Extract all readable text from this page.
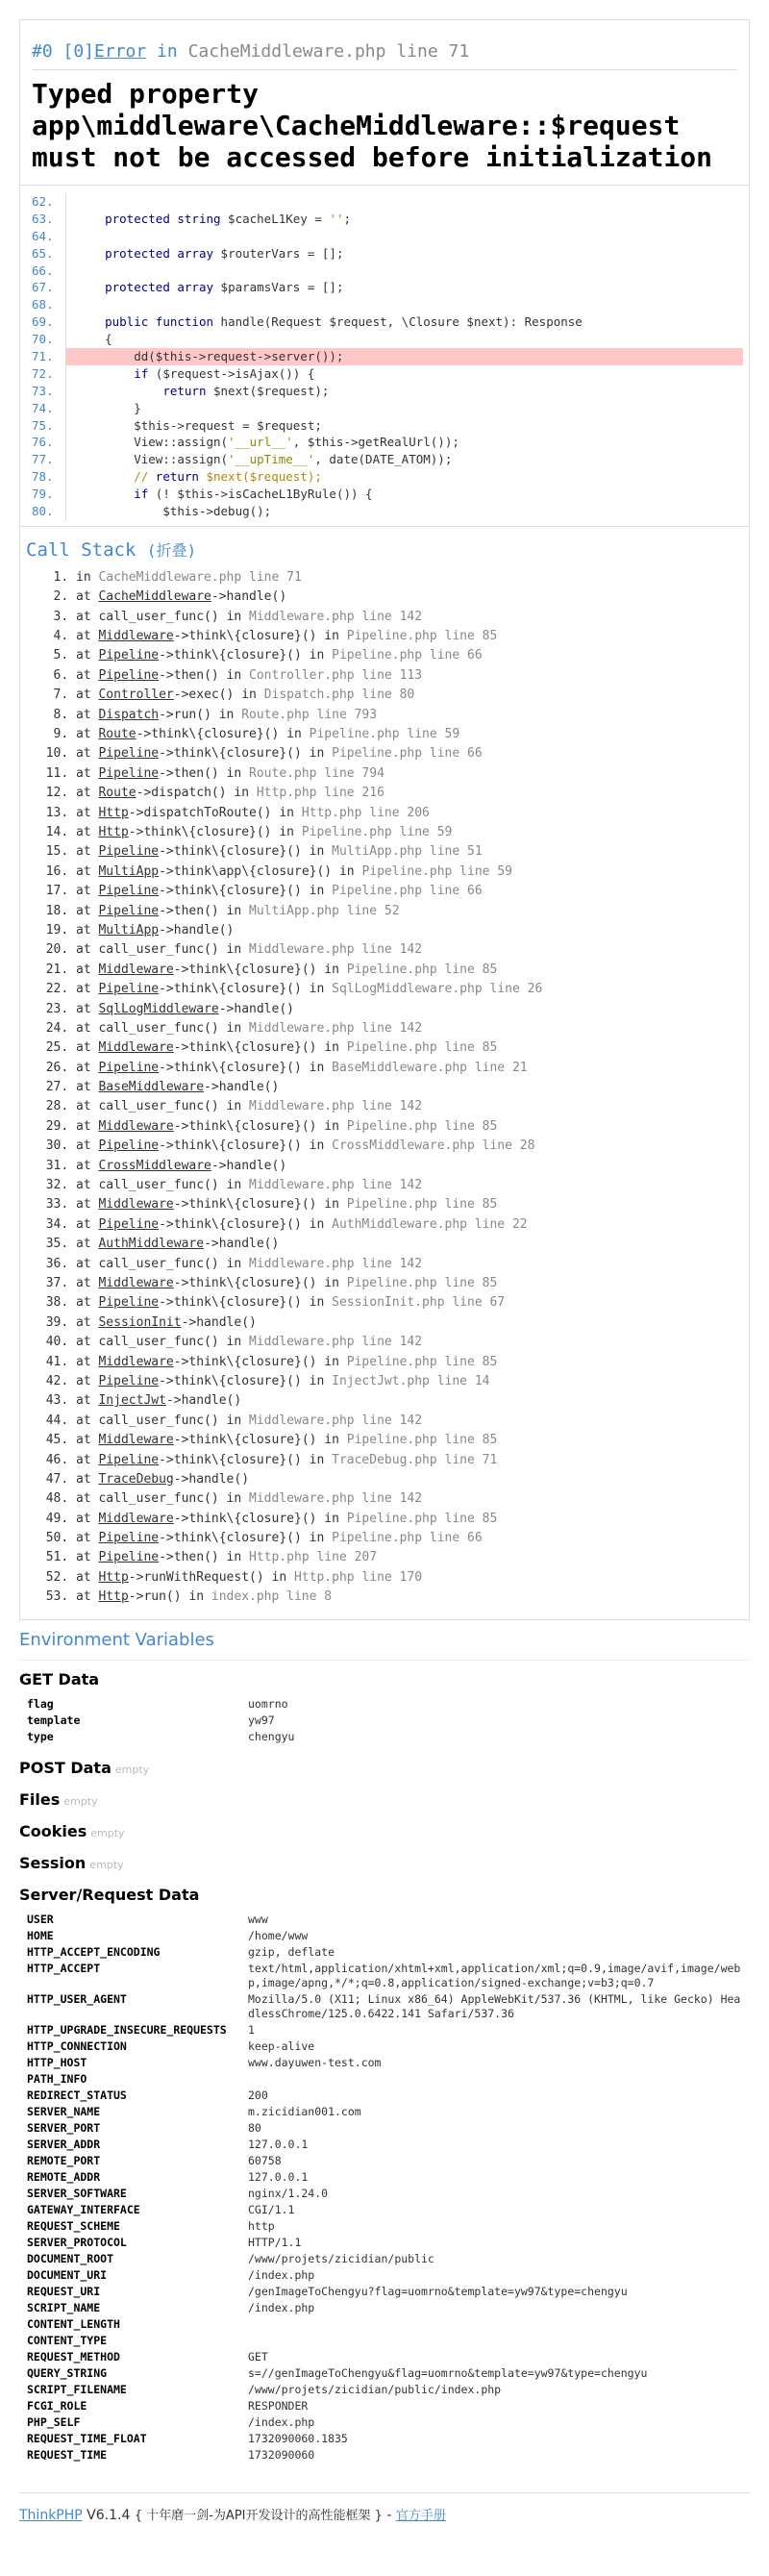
#0 [0]Error in CacheMiddleware.php line 71
Typed property app\middleware\CacheMiddleware::$request must not be accessed before initialization
62.
63.	protected string $cacheL1Key = '';
64.
65.	protected array $routerVars = [];
66.
67.	protected array $paramsVars = [];
68.
69.	public function handle(Request $request, \Closure $next): Response
70.	{
71.	dd($this->request->server());
72.	if ($request->isAjax()) {
73.	return $next($request);
74.	}
75.	$this->request = $request;
76.	View::assign('__url__', $this->getRealUrl());
77.	View::assign('__upTime__', date(DATE_ATOM));
78.	// return $next($request);
79.	if (! $this->isCacheL1ByRule()) {
80.	$this->debug();
Call Stack (折叠)
1. in CacheMiddleware.php line 71
2. at CacheMiddleware->handle()
3. at call_user_func() in Middleware.php line 142
4. at Middleware->think\{closure}() in Pipeline.php line 85
5. at Pipeline->think\{closure}() in Pipeline.php line 66
6. at Pipeline->then() in Controller.php line 113
7. at Controller->exec() in Dispatch.php line 80
8. at Dispatch->run() in Route.php line 793
9. at Route->think\{closure}() in Pipeline.php line 59
10. at Pipeline->think\{closure}() in Pipeline.php line 66
11. at Pipeline->then() in Route.php line 794
12. at Route->dispatch() in Http.php line 216
13. at Http->dispatchToRoute() in Http.php line 206
14. at Http->think\{closure}() in Pipeline.php line 59
15. at Pipeline->think\{closure}() in MultiApp.php line 51
16. at MultiApp->think\app\{closure}() in Pipeline.php line 59
17. at Pipeline->think\{closure}() in Pipeline.php line 66
18. at Pipeline->then() in MultiApp.php line 52
19. at MultiApp->handle()
20. at call_user_func() in Middleware.php line 142
21. at Middleware->think\{closure}() in Pipeline.php line 85
22. at Pipeline->think\{closure}() in SqlLogMiddleware.php line 26
23. at SqlLogMiddleware->handle()
24. at call_user_func() in Middleware.php line 142
25. at Middleware->think\{closure}() in Pipeline.php line 85
26. at Pipeline->think\{closure}() in BaseMiddleware.php line 21
27. at BaseMiddleware->handle()
28. at call_user_func() in Middleware.php line 142
29. at Middleware->think\{closure}() in Pipeline.php line 85
30. at Pipeline->think\{closure}() in CrossMiddleware.php line 28
31. at CrossMiddleware->handle()
32. at call_user_func() in Middleware.php line 142
33. at Middleware->think\{closure}() in Pipeline.php line 85
34. at Pipeline->think\{closure}() in AuthMiddleware.php line 22
35. at AuthMiddleware->handle()
36. at call_user_func() in Middleware.php line 142
37. at Middleware->think\{closure}() in Pipeline.php line 85
38. at Pipeline->think\{closure}() in SessionInit.php line 67
39. at SessionInit->handle()
40. at call_user_func() in Middleware.php line 142
41. at Middleware->think\{closure}() in Pipeline.php line 85
42. at Pipeline->think\{closure}() in InjectJwt.php line 14
43. at InjectJwt->handle()
44. at call_user_func() in Middleware.php line 142
45. at Middleware->think\{closure}() in Pipeline.php line 85
46. at Pipeline->think\{closure}() in TraceDebug.php line 71
47. at TraceDebug->handle()
48. at call_user_func() in Middleware.php line 142
49. at Middleware->think\{closure}() in Pipeline.php line 85
50. at Pipeline->think\{closure}() in Pipeline.php line 66
51. at Pipeline->then() in Http.php line 207
52. at Http->runWithRequest() in Http.php line 170
53. at Http->run() in index.php line 8
Environment Variables
GET Data
flag	uomrno
template	yw97
type	chengyu
POST Data empty
Files empty
Cookies empty
Session empty
Server/Request Data
USER	www
HOME	/home/www
HTTP_ACCEPT_ENCODING	gzip, deflate
HTTP_ACCEPT	text/html,application/xhtml+xml,application/xml;q=0.9,image/avif,image/webp,image/apng,*/*;q=0.8,application/signed-exchange;v=b3;q=0.7
HTTP_USER_AGENT	Mozilla/5.0 (X11; Linux x86_64) AppleWebKit/537.36 (KHTML, like Gecko) HeadlessChrome/125.0.6422.141 Safari/537.36
HTTP_UPGRADE_INSECURE_REQUESTS	1
HTTP_CONNECTION	keep-alive
HTTP_HOST	www.dayuwen-test.com
PATH_INFO	
REDIRECT_STATUS	200
SERVER_NAME	m.zicidian001.com
SERVER_PORT	80
SERVER_ADDR	127.0.0.1
REMOTE_PORT	60758
REMOTE_ADDR	127.0.0.1
SERVER_SOFTWARE	nginx/1.24.0
GATEWAY_INTERFACE	CGI/1.1
REQUEST_SCHEME	http
SERVER_PROTOCOL	HTTP/1.1
DOCUMENT_ROOT	/www/projets/zicidian/public
DOCUMENT_URI	/index.php
REQUEST_URI	/genImageToChengyu?flag=uomrno&template=yw97&type=chengyu
SCRIPT_NAME	/index.php
CONTENT_LENGTH	
CONTENT_TYPE	
REQUEST_METHOD	GET
QUERY_STRING	s=//genImageToChengyu&flag=uomrno&template=yw97&type=chengyu
SCRIPT_FILENAME	/www/projets/zicidian/public/index.php
FCGI_ROLE	RESPONDER
PHP_SELF	/index.php
REQUEST_TIME_FLOAT	1732090060.1835
REQUEST_TIME	1732090060
ThinkPHP V6.1.4 { 十年磨一剑-为API开发设计的高性能框架 } - 官方手册
